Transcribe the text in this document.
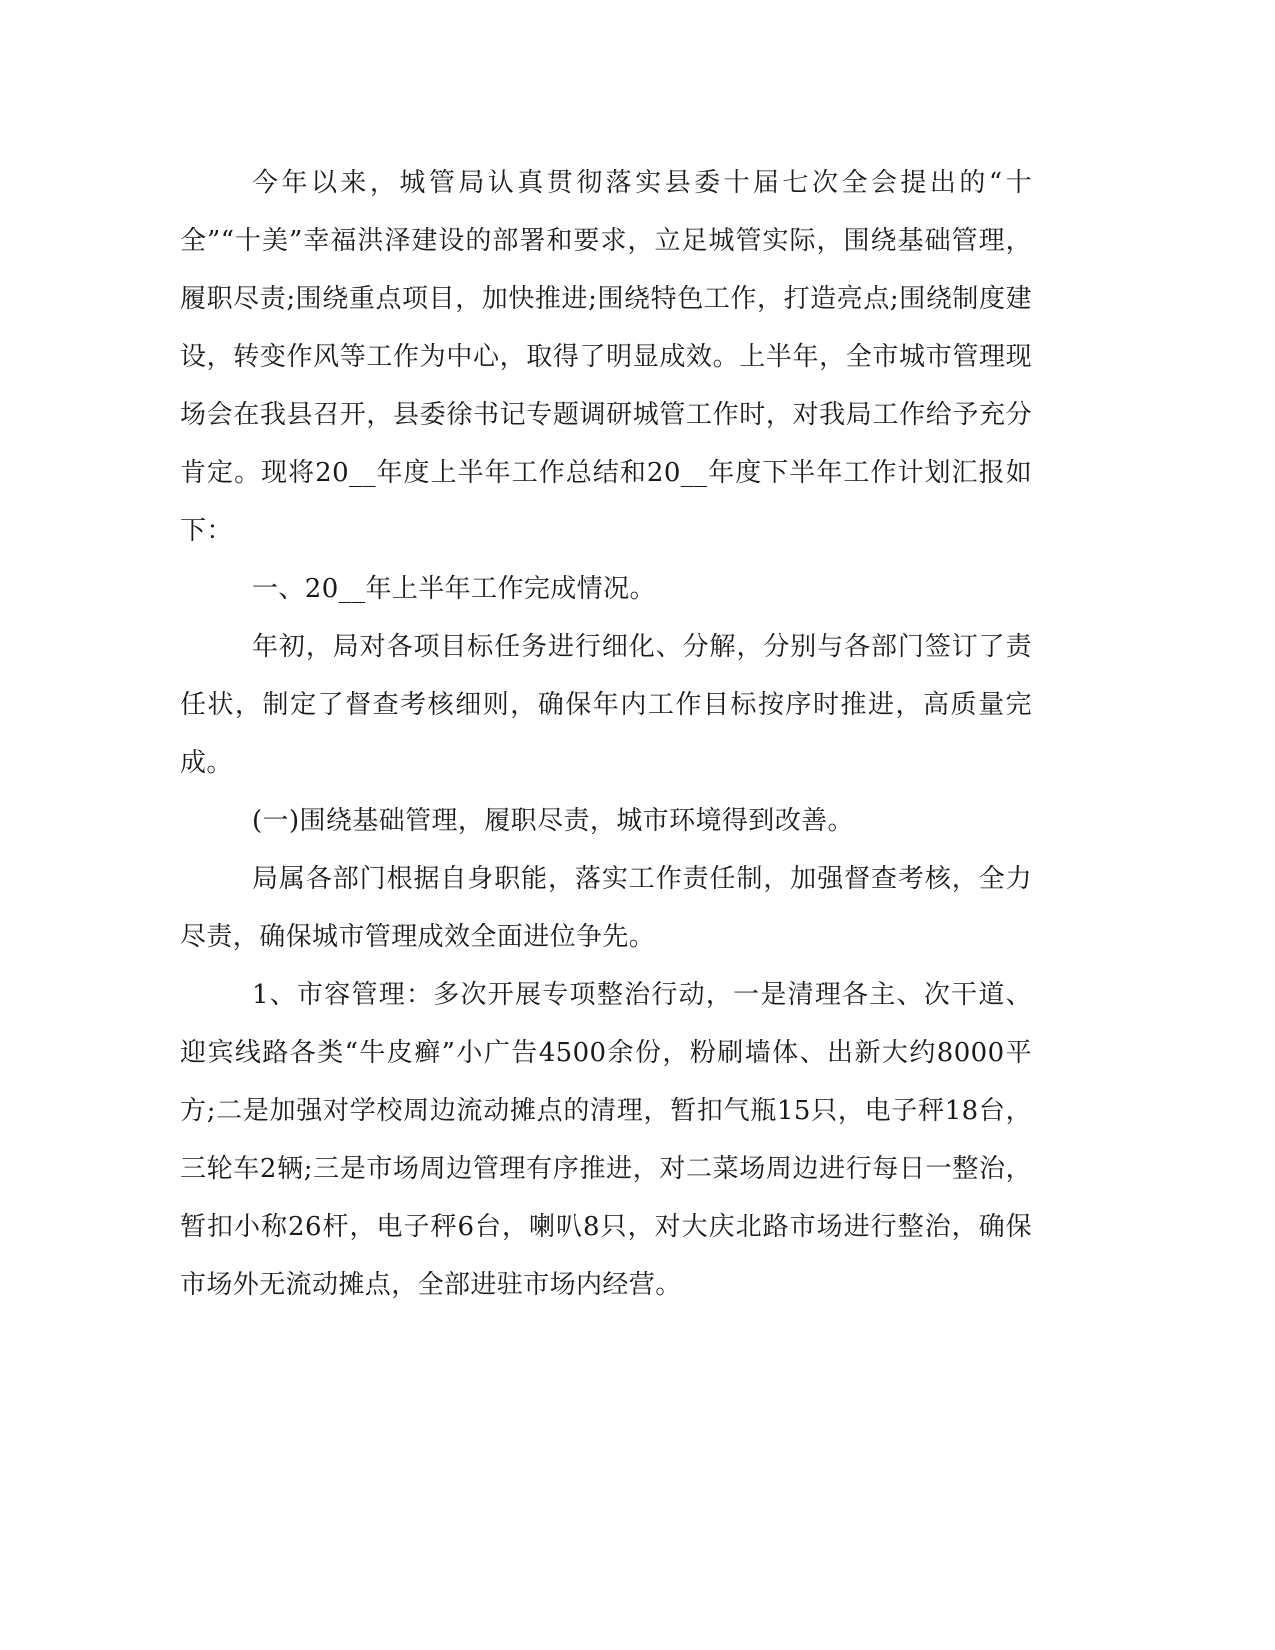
今年以来，城管局认真贯彻落实县委十届七次全会提出的“十全”“十美”幸福洪泽建设的部署和要求，立足城管实际，围绕基础管理，履职尽责;围绕重点项目，加快推进;围绕特色工作，打造亮点;围绕制度建设，转变作风等工作为中心，取得了明显成效。上半年，全市城市管理现场会在我县召开，县委徐书记专题调研城管工作时，对我局工作给予充分肯定。现将20__年度上半年工作总结和20__年度下半年工作计划汇报如下：

一、20__年上半年工作完成情况。

年初，局对各项目标任务进行细化、分解，分别与各部门签订了责任状，制定了督查考核细则，确保年内工作目标按序时推进，高质量完成。

(一)围绕基础管理，履职尽责，城市环境得到改善。

局属各部门根据自身职能，落实工作责任制，加强督查考核，全力尽责，确保城市管理成效全面进位争先。

1、市容管理：多次开展专项整治行动，一是清理各主、次干道、迎宾线路各类“牛皮癣”小广告4500余份，粉刷墙体、出新大约8000平方;二是加强对学校周边流动摊点的清理，暂扣气瓶15只，电子秤18台，三轮车2辆;三是市场周边管理有序推进，对二菜场周边进行每日一整治，暂扣小称26杆，电子秤6台，喇叭8只，对大庆北路市场进行整治，确保市场外无流动摊点，全部进驻市场内经营。
